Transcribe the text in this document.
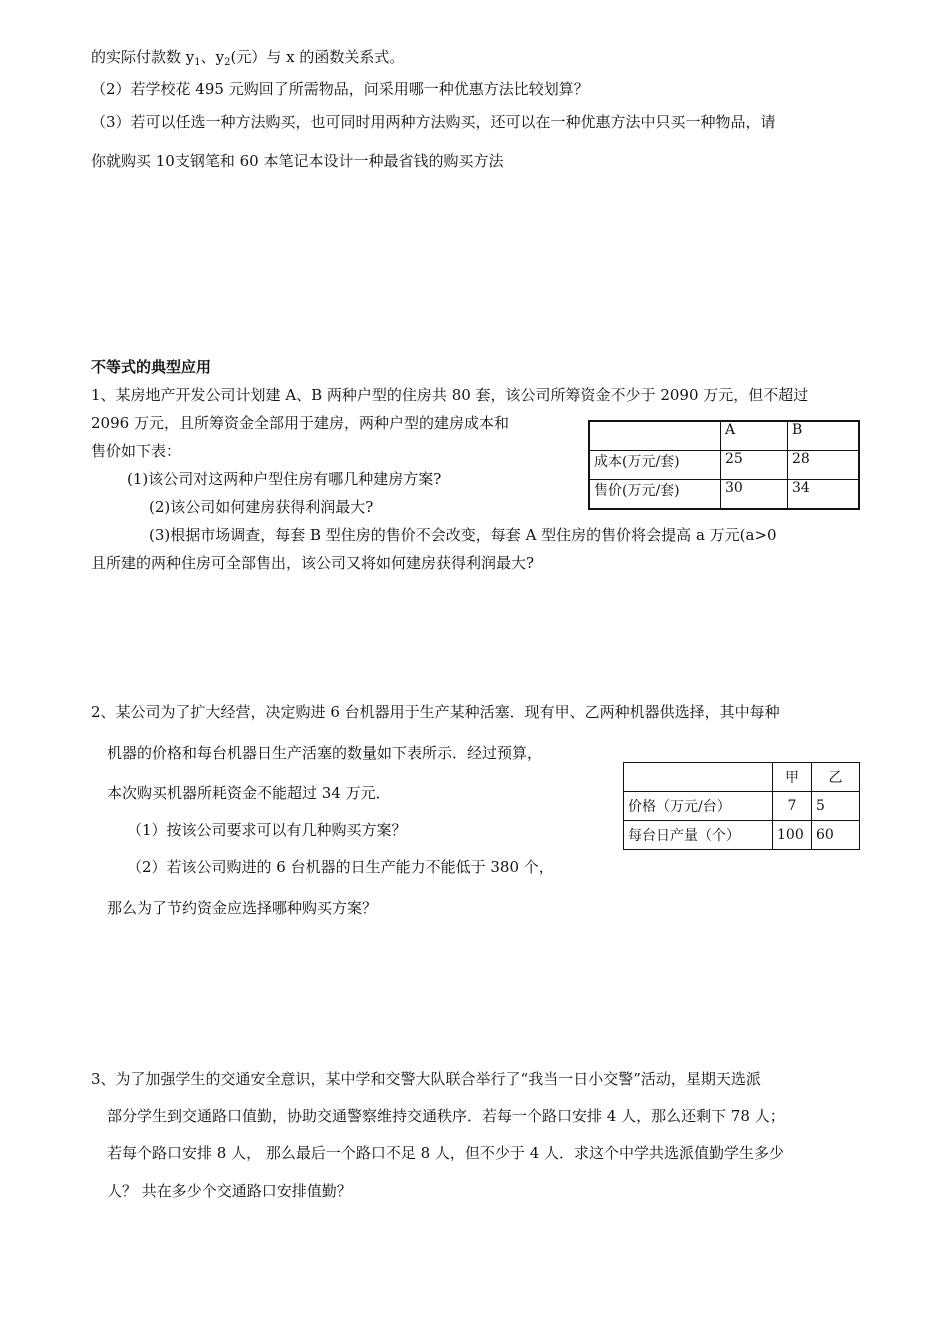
的实际付款数 $y_1$、$y_2$(元）与 x 的函数关系式。
（2）若学校花 495 元购回了所需物品，问采用哪一种优惠方法比较划算？
（3）若可以任选一种方法购买，也可同时用两种方法购买，还可以在一种优惠方法中只买一种物品，请
你就购买 10支钢笔和 60 本笔记本设计一种最省钱的购买方法
不等式的典型应用
1、某房地产开发公司计划建 A、B 两种户型的住房共 80 套，该公司所筹资金不少于 2090 万元，但不超过
2096 万元，且所筹资金全部用于建房，两种户型的建房成本和
售价如下表：
(1)该公司对这两种户型住房有哪几种建房方案?
(2)该公司如何建房获得利润最大?
(3)根据市场调查，每套 B 型住房的售价不会改变，每套 A 型住房的售价将会提高 a 万元(a>0
且所建的两种住房可全部售出，该公司又将如何建房获得利润最大?
	A	B
成本(万元/套)	25	28
售价(万元/套)	30	34
2、某公司为了扩大经营，决定购进 6 台机器用于生产某种活塞．现有甲、乙两种机器供选择，其中每种
机器的价格和每台机器日生产活塞的数量如下表所示．经过预算，
本次购买机器所耗资金不能超过 34 万元．
（1）按该公司要求可以有几种购买方案？
（2）若该公司购进的 6 台机器的日生产能力不能低于 380 个，
那么为了节约资金应选择哪种购买方案？
	甲	乙
价格（万元/台）	7	5
每台日产量（个）	100	60
3、为了加强学生的交通安全意识，某中学和交警大队联合举行了“我当一日小交警”活动，星期天选派
部分学生到交通路口值勤，协助交通警察维持交通秩序．若每一个路口安排 4 人，那么还剩下 78 人；
若每个路口安排 8 人， 那么最后一个路口不足 8 人，但不少于 4 人．求这个中学共选派值勤学生多少
人？ 共在多少个交通路口安排值勤？
